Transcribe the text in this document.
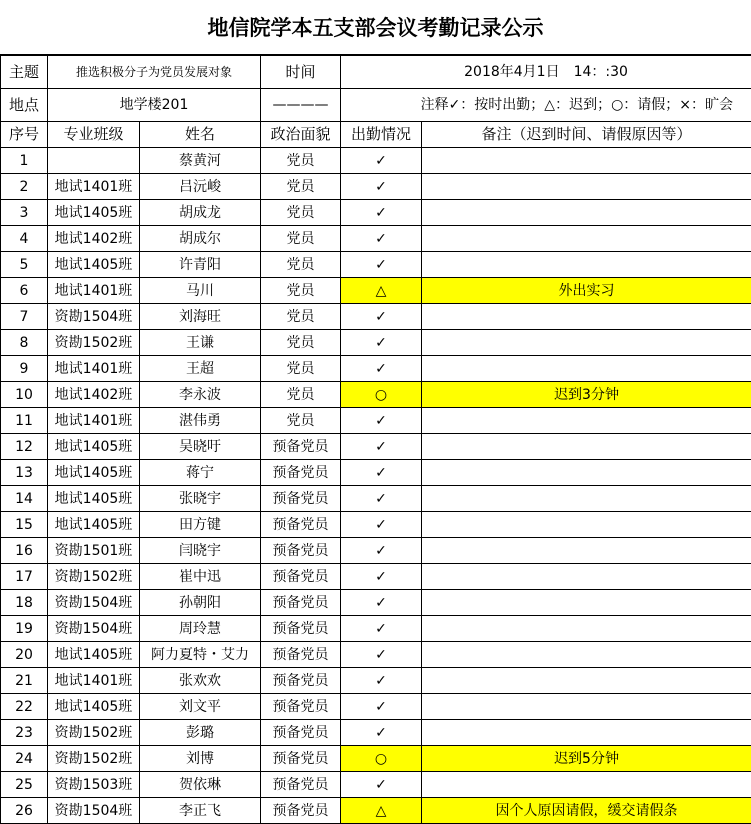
地信院学本五支部会议考勤记录公示
主题	推选积极分子为党员发展对象		时间	2018年4月1日　14：:30	
地点	地学楼201		————	注释✓：按时出勤；△：迟到；○：请假；×：旷会	
序号	专业班级	姓名	政治面貌	出勤情况	备注（迟到时间、请假原因等）
1		蔡黄河	党员	✓	
2	地试1401班	吕沅峻	党员	✓	
3	地试1405班	胡成龙	党员	✓	
4	地试1402班	胡成尔	党员	✓	
5	地试1405班	许青阳	党员	✓	
6	地试1401班	马川	党员	△	外出实习
7	资勘1504班	刘海旺	党员	✓	
8	资勘1502班	王谦	党员	✓	
9	地试1401班	王超	党员	✓	
10	地试1402班	李永波	党员	○	迟到3分钟
11	地试1401班	湛伟勇	党员	✓	
12	地试1405班	吴晓吁	预备党员	✓	
13	地试1405班	蒋宁	预备党员	✓	
14	地试1405班	张晓宇	预备党员	✓	
15	地试1405班	田方键	预备党员	✓	
16	资勘1501班	闫晓宇	预备党员	✓	
17	资勘1502班	崔中迅	预备党员	✓	
18	资勘1504班	孙朝阳	预备党员	✓	
19	资勘1504班	周玲慧	预备党员	✓	
20	地试1405班	阿力夏特・艾力	预备党员	✓	
21	地试1401班	张欢欢	预备党员	✓	
22	地试1405班	刘文平	预备党员	✓	
23	资勘1502班	彭璐	预备党员	✓	
24	资勘1502班	刘博	预备党员	○	迟到5分钟
25	资勘1503班	贺依琳	预备党员	✓	
26	资勘1504班	李正飞	预备党员	△	因个人原因请假，缓交请假条
